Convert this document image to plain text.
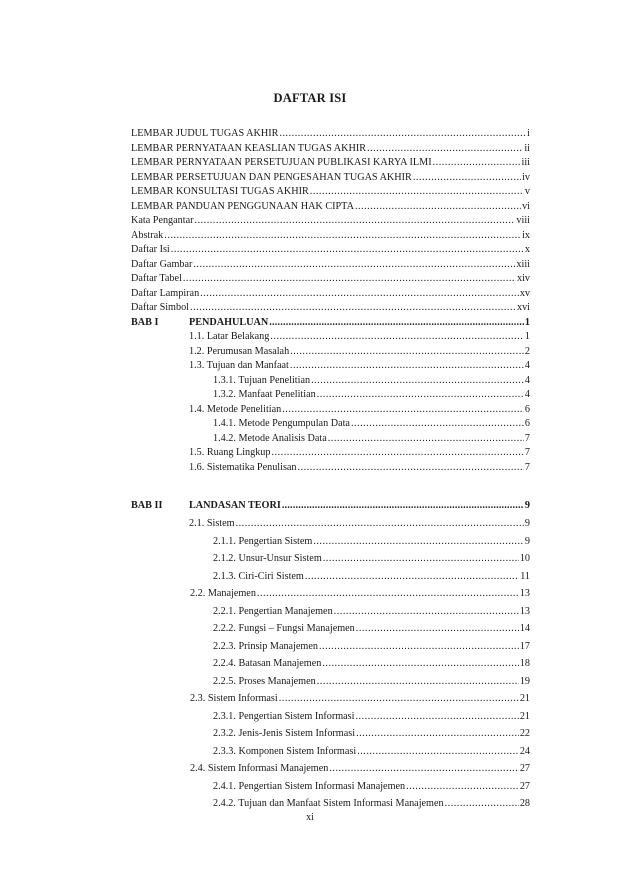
DAFTAR ISI
LEMBAR JUDUL TUGAS AKHIR .....	i
LEMBAR PERNYATAAN KEASLIAN TUGAS AKHIR .....	ii
LEMBAR PERNYATAAN PERSETUJUAN PUBLIKASI KARYA ILMI .....	iii
LEMBAR PERSETUJUAN DAN PENGESAHAN TUGAS AKHIR .....	iv
LEMBAR KONSULTASI TUGAS AKHIR .....	v
LEMBAR PANDUAN PENGGUNAAN HAK CIPTA .....	vi
Kata Pengantar .....	viii
Abstrak .....	ix
Daftar Isi .....	x
Daftar Gambar .....	xiii
Daftar Tabel .....	xiv
Daftar Lampiran .....	xv
Daftar Simbol .....	xvi
BAB I	PENDAHULUAN .....	1
1.1. Latar Belakang .....	1
1.2. Perumusan Masalah .....	2
1.3. Tujuan dan Manfaat .....	4
1.3.1. Tujuan Penelitian .....	4
1.3.2. Manfaat Penelitian .....	4
1.4. Metode Penelitian .....	6
1.4.1. Metode Pengumpulan Data .....	6
1.4.2. Metode Analisis Data .....	7
1.5. Ruang Lingkup .....	7
1.6. Sistematika Penulisan .....	7
BAB II	LANDASAN TEORI .....	9
2.1. Sistem .....	9
2.1.1. Pengertian Sistem .....	9
2.1.2. Unsur-Unsur Sistem .....	10
2.1.3. Ciri-Ciri Sistem .....	11
2.2. Manajemen .....	13
2.2.1. Pengertian Manajemen .....	13
2.2.2. Fungsi – Fungsi Manajemen .....	14
2.2.3. Prinsip Manajemen .....	17
2.2.4. Batasan Manajemen .....	18
2.2.5. Proses Manajemen .....	19
2.3. Sistem Informasi .....	21
2.3.1. Pengertian Sistem Informasi .....	21
2.3.2. Jenis-Jenis Sistem Informasi .....	22
2.3.3. Komponen Sistem Informasi .....	24
2.4. Sistem Informasi Manajemen .....	27
2.4.1. Pengertian Sistem Informasi Manajemen .....	27
2.4.2. Tujuan dan Manfaat Sistem Informasi Manajemen .....	28
xi
